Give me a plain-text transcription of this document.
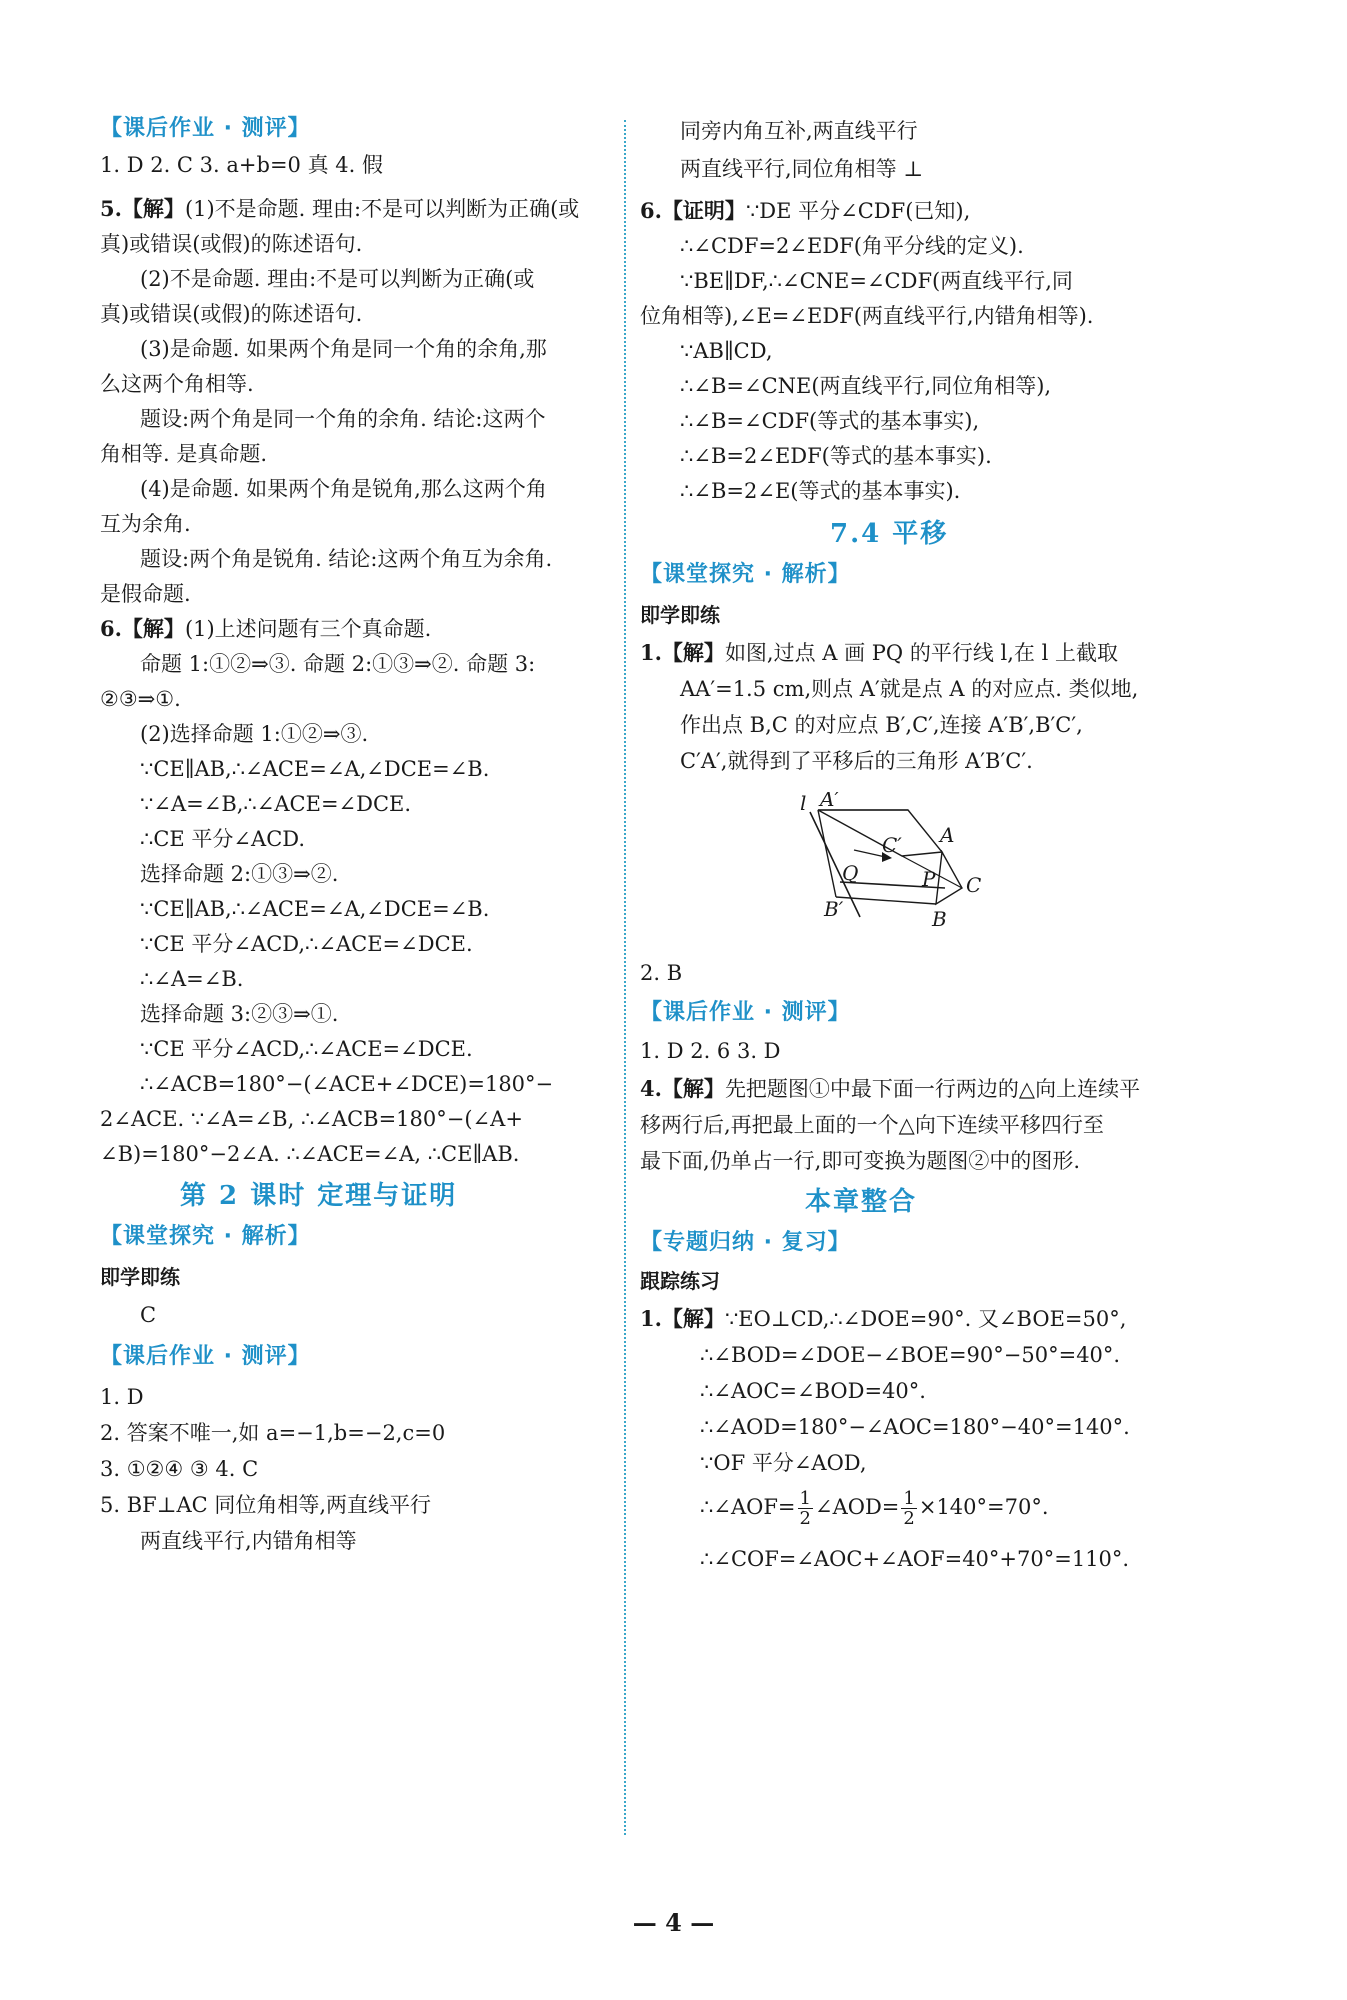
【课后作业 · 测评】
1. D 2. C 3. a+b=0 真 4. 假
5.【解】(1)不是命题. 理由:不是可以判断为正确(或
真)或错误(或假)的陈述语句.
(2)不是命题. 理由:不是可以判断为正确(或
真)或错误(或假)的陈述语句.
(3)是命题. 如果两个角是同一个角的余角,那
么这两个角相等.
题设:两个角是同一个角的余角. 结论:这两个
角相等. 是真命题.
(4)是命题. 如果两个角是锐角,那么这两个角
互为余角.
题设:两个角是锐角. 结论:这两个角互为余角.
是假命题.
6.【解】(1)上述问题有三个真命题.
命题 1:①②⇒③. 命题 2:①③⇒②. 命题 3:
②③⇒①.
(2)选择命题 1:①②⇒③.
∵CE∥AB,∴∠ACE=∠A,∠DCE=∠B.
∵∠A=∠B,∴∠ACE=∠DCE.
∴CE 平分∠ACD.
选择命题 2:①③⇒②.
∵CE∥AB,∴∠ACE=∠A,∠DCE=∠B.
∵CE 平分∠ACD,∴∠ACE=∠DCE.
∴∠A=∠B.
选择命题 3:②③⇒①.
∵CE 平分∠ACD,∴∠ACE=∠DCE.
∴∠ACB=180°−(∠ACE+∠DCE)=180°−
2∠ACE. ∵∠A=∠B, ∴∠ACB=180°−(∠A+
∠B)=180°−2∠A. ∴∠ACE=∠A, ∴CE∥AB.
第 2 课时 定理与证明
【课堂探究 · 解析】
即学即练
C
【课后作业 · 测评】
1. D
2. 答案不唯一,如 a=−1,b=−2,c=0
3. ①②④ ③ 4. C
5. BF⊥AC 同位角相等,两直线平行
两直线平行,内错角相等
同旁内角互补,两直线平行
两直线平行,同位角相等 ⊥
6.【证明】∵DE 平分∠CDF(已知),
∴∠CDF=2∠EDF(角平分线的定义).
∵BE∥DF,∴∠CNE=∠CDF(两直线平行,同
位角相等),∠E=∠EDF(两直线平行,内错角相等).
∵AB∥CD,
∴∠B=∠CNE(两直线平行,同位角相等),
∴∠B=∠CDF(等式的基本事实),
∴∠B=2∠EDF(等式的基本事实).
∴∠B=2∠E(等式的基本事实).
7.4 平移
【课堂探究 · 解析】
即学即练
1.【解】如图,过点 A 画 PQ 的平行线 l,在 l 上截取
AA′=1.5 cm,则点 A′就是点 A 的对应点. 类似地,
作出点 B,C 的对应点 B′,C′,连接 A′B′,B′C′,
C′A′,就得到了平移后的三角形 A′B′C′.
l A′
A
C′
Q	P C
B′	B
2. B
【课后作业 · 测评】
1. D 2. 6 3. D
4.【解】先把题图①中最下面一行两边的△向上连续平
移两行后,再把最上面的一个△向下连续平移四行至
最下面,仍单占一行,即可变换为题图②中的图形.
本章整合
【专题归纳 · 复习】
跟踪练习
1.【解】∵EO⊥CD,∴∠DOE=90°. 又∠BOE=50°,
∴∠BOD=∠DOE−∠BOE=90°−50°=40°.
∴∠AOC=∠BOD=40°.
∴∠AOD=180°−∠AOC=180°−40°=140°.
∵OF 平分∠AOD,
∴∠AOF= $\frac{1}{2}$ ∠AOD= $\frac{1}{2} \times 140^\circ=70^\circ$.
∴∠COF=∠AOC+∠AOF=40°+70°=110°.
— 4 —
